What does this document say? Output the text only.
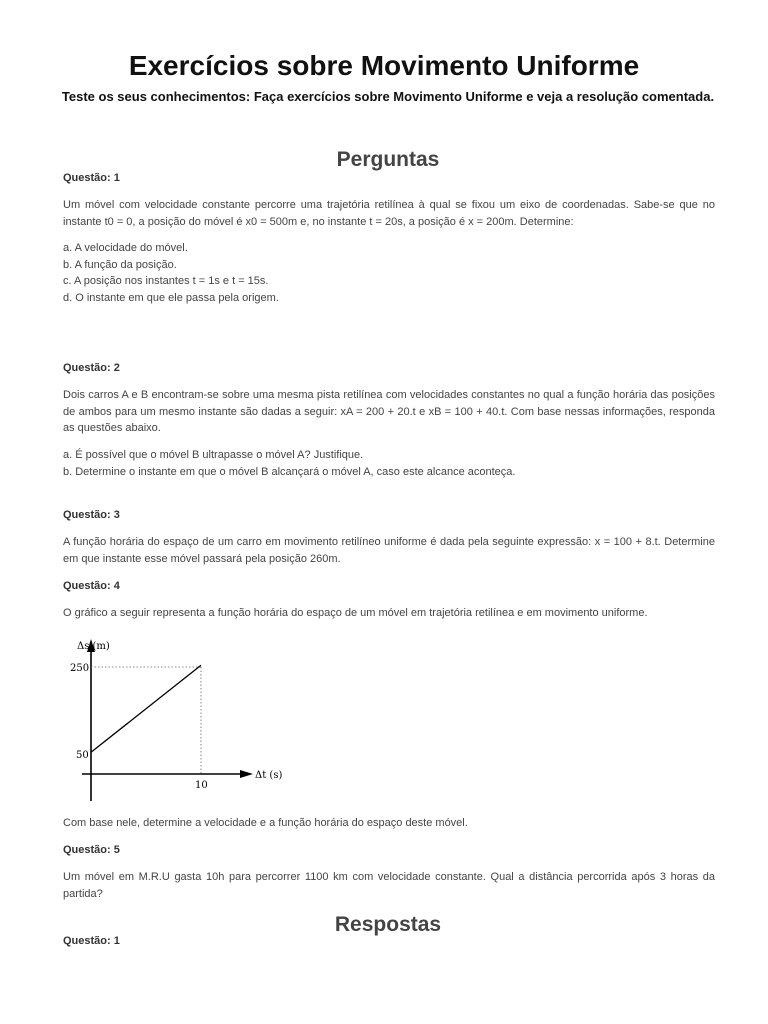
Exercícios sobre Movimento Uniforme

Teste os seus conhecimentos: Faça exercícios sobre Movimento Uniforme e veja a resolução comentada.

Perguntas
Questão: 1

Um móvel com velocidade constante percorre uma trajetória retilínea à qual se fixou um eixo de coordenadas. Sabe-se que no instante t0 = 0, a posição do móvel é x0 = 500m e, no instante t = 20s, a posição é x = 200m. Determine:

a. A velocidade do móvel.
b. A função da posição.
c. A posição nos instantes t = 1s e t = 15s.
d. O instante em que ele passa pela origem.
Questão: 2

Dois carros A e B encontram-se sobre uma mesma pista retilínea com velocidades constantes no qual a função horária das posições de ambos para um mesmo instante são dadas a seguir: xA = 200 + 20.t e xB = 100 + 40.t. Com base nessas informações, responda as questões abaixo.

a. É possível que o móvel B ultrapasse o móvel A? Justifique.
b. Determine o instante em que o móvel B alcançará o móvel A, caso este alcance aconteça.
Questão: 3

A função horária do espaço de um carro em movimento retilíneo uniforme é dada pela seguinte expressão: x = 100 + 8.t. Determine em que instante esse móvel passará pela posição 260m.

Questão: 4

O gráfico a seguir representa a função horária do espaço de um móvel em trajetória retilínea e em movimento uniforme.

Δs (m)
Δt (s)
250
50
10

Com base nele, determine a velocidade e a função horária do espaço deste móvel.

Questão: 5

Um móvel em M.R.U gasta 10h para percorrer 1100 km com velocidade constante. Qual a distância percorrida após 3 horas da partida?

Respostas
Questão: 1
